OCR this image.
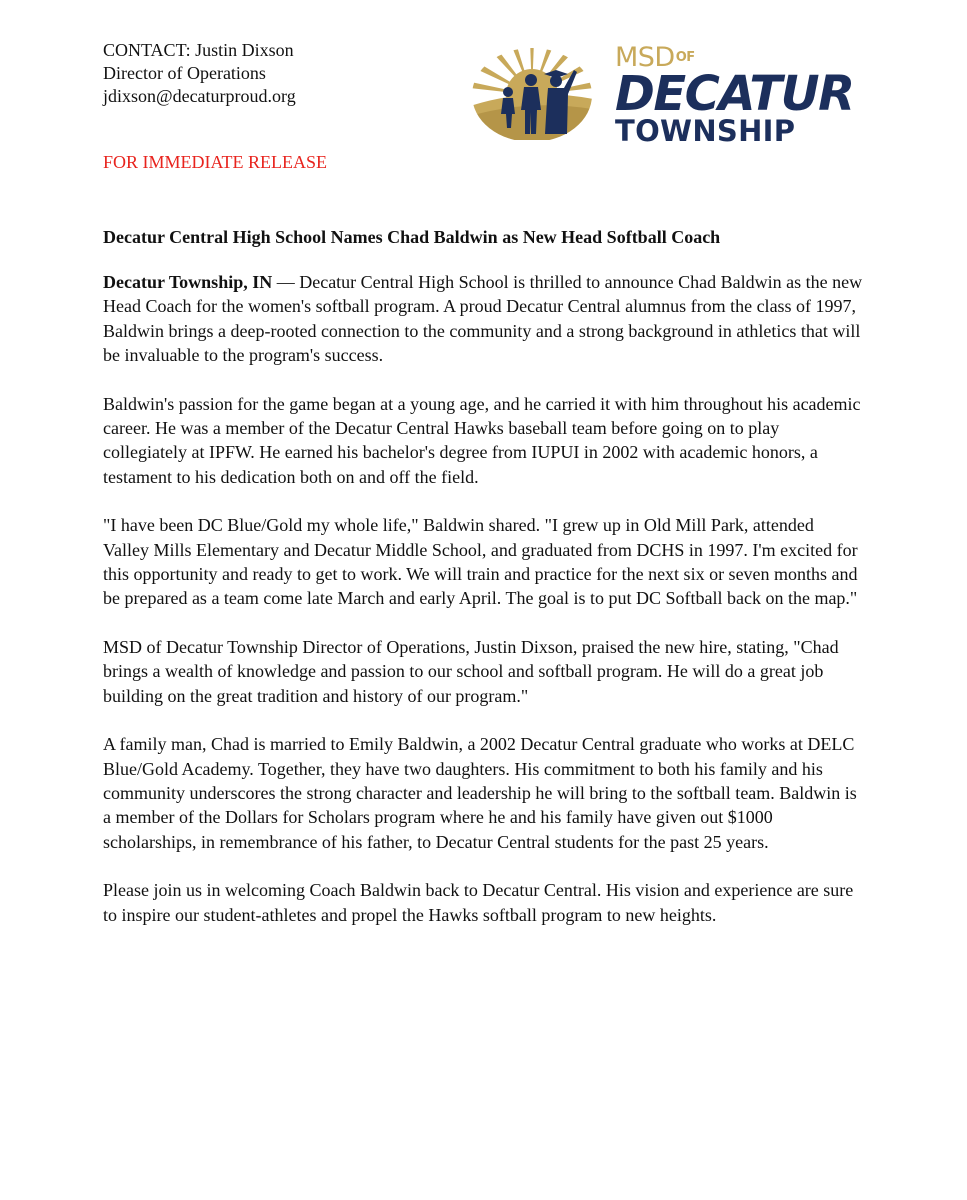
CONTACT: Justin Dixson
Director of Operations
jdixson@decaturproud.org
FOR IMMEDIATE RELEASE
$MSD^{OF}$
DECATUR
TOWNSHIP
Decatur Central High School Names Chad Baldwin as New Head Softball Coach

Decatur Township, IN — Decatur Central High School is thrilled to announce Chad Baldwin as the new Head Coach for the women's softball program. A proud Decatur Central alumnus from the class of 1997, Baldwin brings a deep-rooted connection to the community and a strong background in athletics that will be invaluable to the program's success.

Baldwin's passion for the game began at a young age, and he carried it with him throughout his academic career. He was a member of the Decatur Central Hawks baseball team before going on to play collegiately at IPFW. He earned his bachelor's degree from IUPUI in 2002 with academic honors, a testament to his dedication both on and off the field.

"I have been DC Blue/Gold my whole life," Baldwin shared. "I grew up in Old Mill Park, attended Valley Mills Elementary and Decatur Middle School, and graduated from DCHS in 1997. I'm excited for this opportunity and ready to get to work. We will train and practice for the next six or seven months and be prepared as a team come late March and early April. The goal is to put DC Softball back on the map."

MSD of Decatur Township Director of Operations, Justin Dixson, praised the new hire, stating, "Chad brings a wealth of knowledge and passion to our school and softball program. He will do a great job building on the great tradition and history of our program."

A family man, Chad is married to Emily Baldwin, a 2002 Decatur Central graduate who works at DELC Blue/Gold Academy. Together, they have two daughters. His commitment to both his family and his community underscores the strong character and leadership he will bring to the softball team. Baldwin is a member of the Dollars for Scholars program where he and his family have given out $1000 scholarships, in remembrance of his father, to Decatur Central students for the past 25 years.

Please join us in welcoming Coach Baldwin back to Decatur Central. His vision and experience are sure to inspire our student-athletes and propel the Hawks softball program to new heights.
